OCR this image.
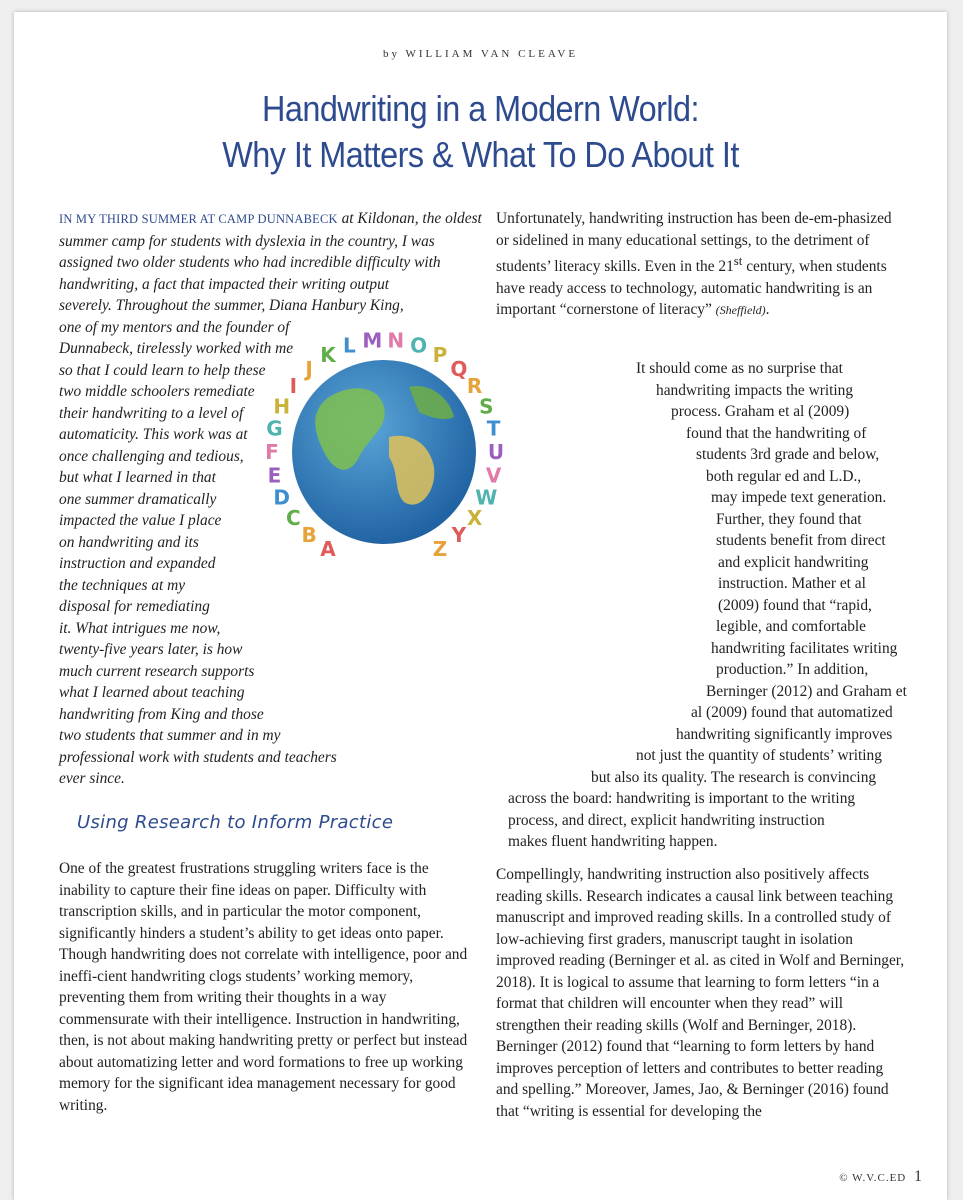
by WILLIAM VAN CLEAVE
Handwriting in a Modern World:
Why It Matters & What To Do About It
IN MY THIRD SUMMER AT CAMP DUNNABECK at Kildonan, the oldest
summer camp for students with dyslexia in the country, I was
assigned two older students who had incredible difficulty with
handwriting, a fact that impacted their writing output
severely. Throughout the summer, Diana Hanbury King,
one of my mentors and the founder of
Dunnabeck, tirelessly worked with me
so that I could learn to help these
two middle schoolers remediate
their handwriting to a level of
automaticity. This work was at
once challenging and tedious,
but what I learned in that
one summer dramatically
impacted the value I place
on handwriting and its
instruction and expanded
the techniques at my
disposal for remediating
it. What intrigues me now,
twenty-five years later, is how
much current research supports
what I learned about teaching
handwriting from King and those
two students that summer and in my
professional work with students and teachers
ever since.
A
B
C
D
E
F
G
H
I
J
K L M N O P
Q
R
S
T
U
V
W
X
Y
Z
Using Research to Inform Practice
One of the greatest frustrations struggling writers face is the inability to capture their fine ideas on paper. Difficulty with transcription skills, and in particular the motor component, significantly hinders a student’s ability to get ideas onto paper. Though handwriting does not correlate with intelligence, poor and ineffi-cient handwriting clogs students’ working memory, preventing them from writing their thoughts in a way commensurate with their intelligence. Instruction in handwriting, then, is not about making handwriting pretty or perfect but instead about automatizing letter and word formations to free up working memory for the significant idea management necessary for good writing.
Unfortunately, handwriting instruction has been de-em-phasized or sidelined in many educational settings, to the detriment of students’ literacy skills. Even in the 21st century, when students have ready access to technology, automatic handwriting is an important “cornerstone of literacy” (Sheffield).
It should come as no surprise that
handwriting impacts the writing
process. Graham et al (2009)
found that the handwriting of
students 3rd grade and below,
both regular ed and L.D.,
may impede text generation.
Further, they found that
students benefit from direct
and explicit handwriting
instruction. Mather et al
(2009) found that “rapid,
legible, and comfortable
handwriting facilitates writing
production.” In addition,
Berninger (2012) and Graham et
al (2009) found that automatized
handwriting significantly improves
not just the quantity of students’ writing
but also its quality. The research is convincing
across the board: handwriting is important to the writing
process, and direct, explicit handwriting instruction
makes fluent handwriting happen.
Compellingly, handwriting instruction also positively affects reading skills. Research indicates a causal link between teaching manuscript and improved reading skills. In a controlled study of low-achieving first graders, manuscript taught in isolation improved reading (Berninger et al. as cited in Wolf and Berninger, 2018). It is logical to assume that learning to form letters “in a format that children will encounter when they read” will strengthen their reading skills (Wolf and Berninger, 2018). Berninger (2012) found that “learning to form letters by hand improves perception of letters and contributes to better reading and spelling.” Moreover, James, Jao, & Berninger (2016) found that “writing is essential for developing the
© W.V.C.ED 1
